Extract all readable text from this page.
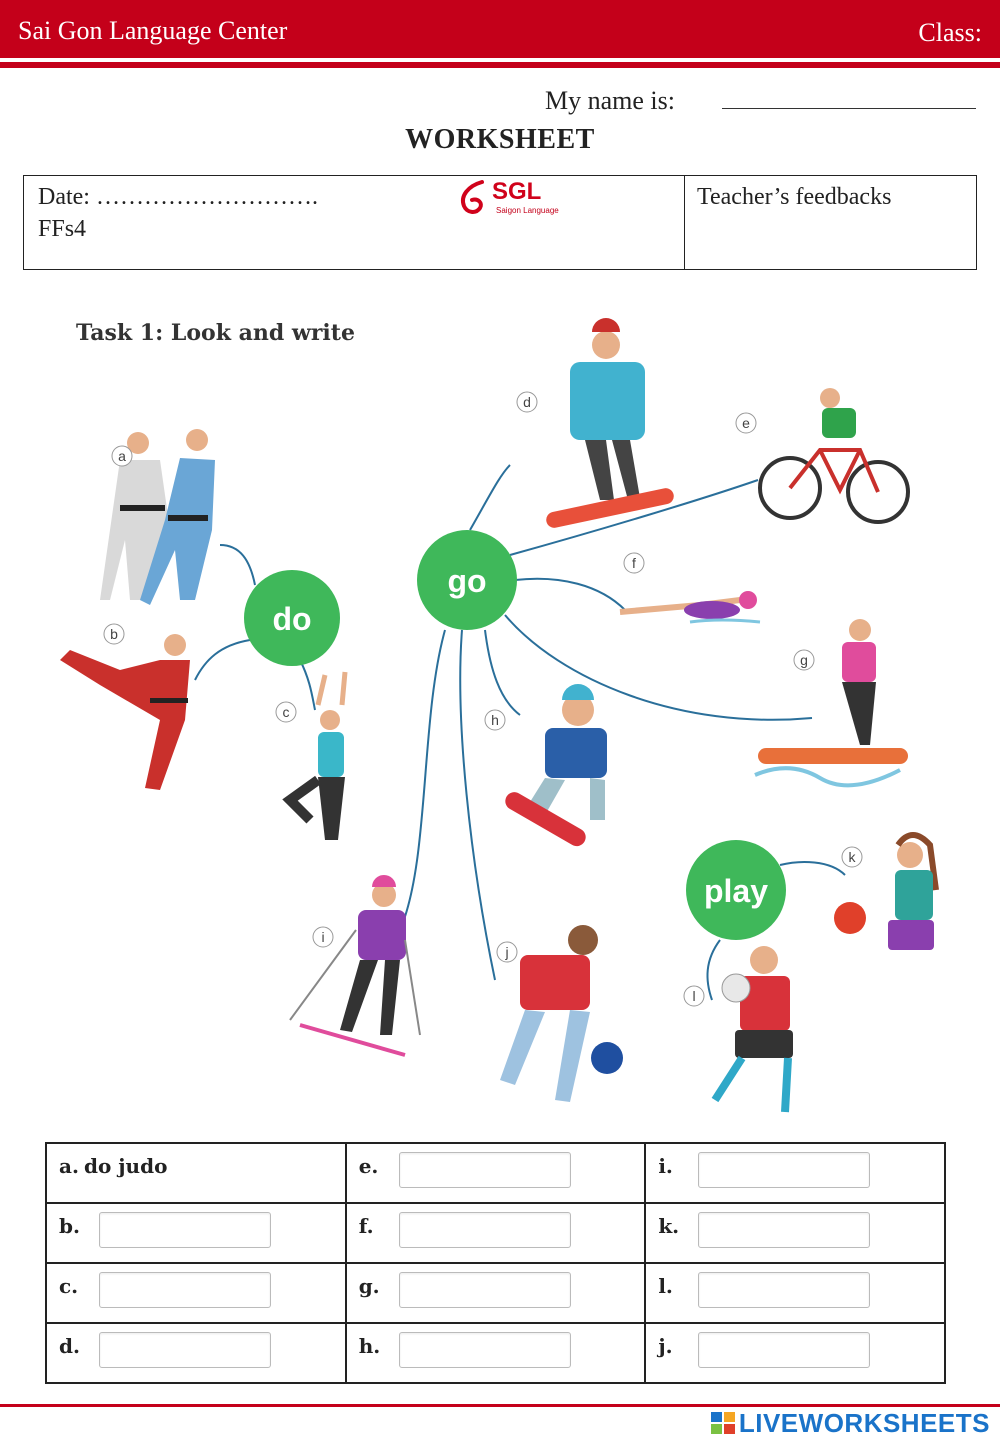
Sai Gon Language Center	Class:
My name is:
WORKSHEET
Date: ……………………….
FFs4
SGL
Saigon Language
Teacher’s feedbacks
Task 1: Look and write
do
go
play
a
b
c
d
e
f
g
h
i
j
k
l
a. do judo	e.	i.

b.	f.	k.

c.	g.	l.

d.	h.	j.
LIVEWORKSHEETS
